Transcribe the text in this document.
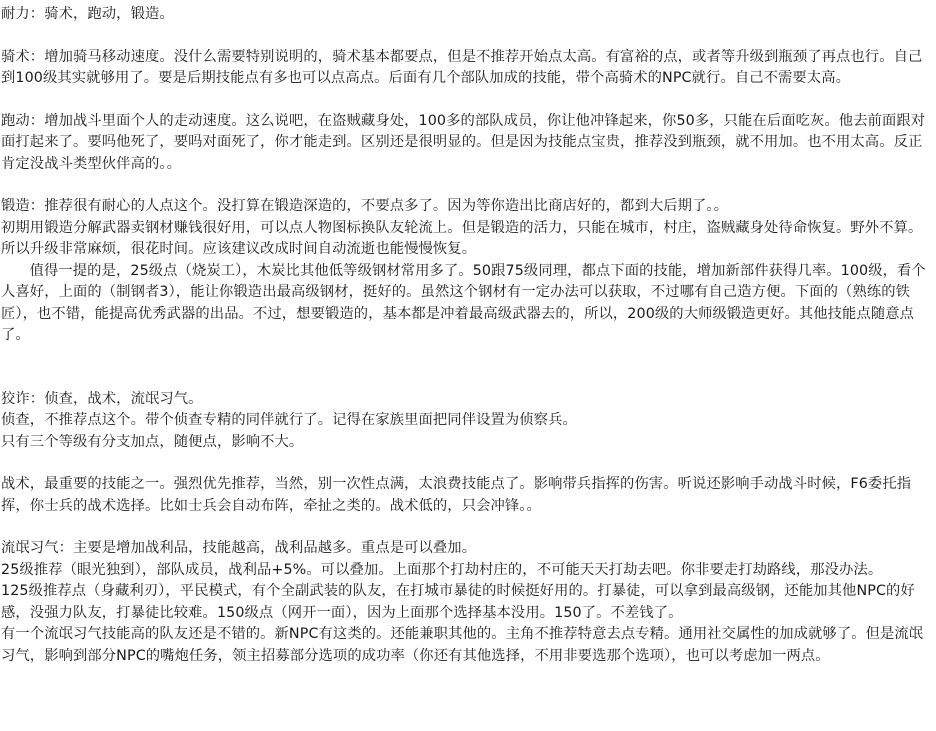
耐力：骑术，跑动，锻造。

骑术：增加骑马移动速度。没什么需要特别说明的，骑术基本都要点，但是不推荐开始点太高。有富裕的点，或者等升级到瓶颈了再点也行。自己到100级其实就够用了。要是后期技能点有多也可以点高点。后面有几个部队加成的技能，带个高骑术的NPC就行。自己不需要太高。

跑动：增加战斗里面个人的走动速度。这么说吧，在盗贼藏身处，100多的部队成员，你让他冲锋起来，你50多，只能在后面吃灰。他去前面跟对面打起来了。要吗他死了，要吗对面死了，你才能走到。区别还是很明显的。但是因为技能点宝贵，推荐没到瓶颈，就不用加。也不用太高。反正肯定没战斗类型伙伴高的。。

锻造：推荐很有耐心的人点这个。没打算在锻造深造的，不要点多了。因为等你造出比商店好的，都到大后期了。。

初期用锻造分解武器卖钢材赚钱很好用，可以点人物图标换队友轮流上。但是锻造的活力，只能在城市，村庄，盗贼藏身处待命恢复。野外不算。所以升级非常麻烦，很花时间。应该建议改成时间自动流逝也能慢慢恢复。

值得一提的是，25级点（烧炭工），木炭比其他低等级钢材常用多了。50跟75级同理，都点下面的技能，增加新部件获得几率。100级，看个人喜好，上面的（制钢者3），能让你锻造出最高级钢材，挺好的。虽然这个钢材有一定办法可以获取，不过哪有自己造方便。下面的（熟练的铁匠），也不错，能提高优秀武器的出品。不过，想要锻造的，基本都是冲着最高级武器去的，所以，200级的大师级锻造更好。其他技能点随意点了。

狡诈：侦查，战术，流氓习气。

侦查，不推荐点这个。带个侦查专精的同伴就行了。记得在家族里面把同伴设置为侦察兵。

只有三个等级有分支加点，随便点，影响不大。

战术，最重要的技能之一。强烈优先推荐，当然，别一次性点满，太浪费技能点了。影响带兵指挥的伤害。听说还影响手动战斗时候，F6委托指挥，你士兵的战术选择。比如士兵会自动布阵，牵扯之类的。战术低的，只会冲锋。。

流氓习气：主要是增加战利品，技能越高，战利品越多。重点是可以叠加。

25级推荐（眼光独到），部队成员，战利品+5%。可以叠加。上面那个打劫村庄的，不可能天天打劫去吧。你非要走打劫路线，那没办法。

125级推荐点（身藏利刃），平民模式，有个全副武装的队友，在打城市暴徒的时候挺好用的。打暴徒，可以拿到最高级钢，还能加其他NPC的好感，没强力队友，打暴徒比较难。150级点（网开一面），因为上面那个选择基本没用。150了。不差钱了。

有一个流氓习气技能高的队友还是不错的。新NPC有这类的。还能兼职其他的。主角不推荐特意去点专精。通用社交属性的加成就够了。但是流氓习气，影响到部分NPC的嘴炮任务，领主招募部分选项的成功率（你还有其他选择，不用非要选那个选项），也可以考虑加一两点。
